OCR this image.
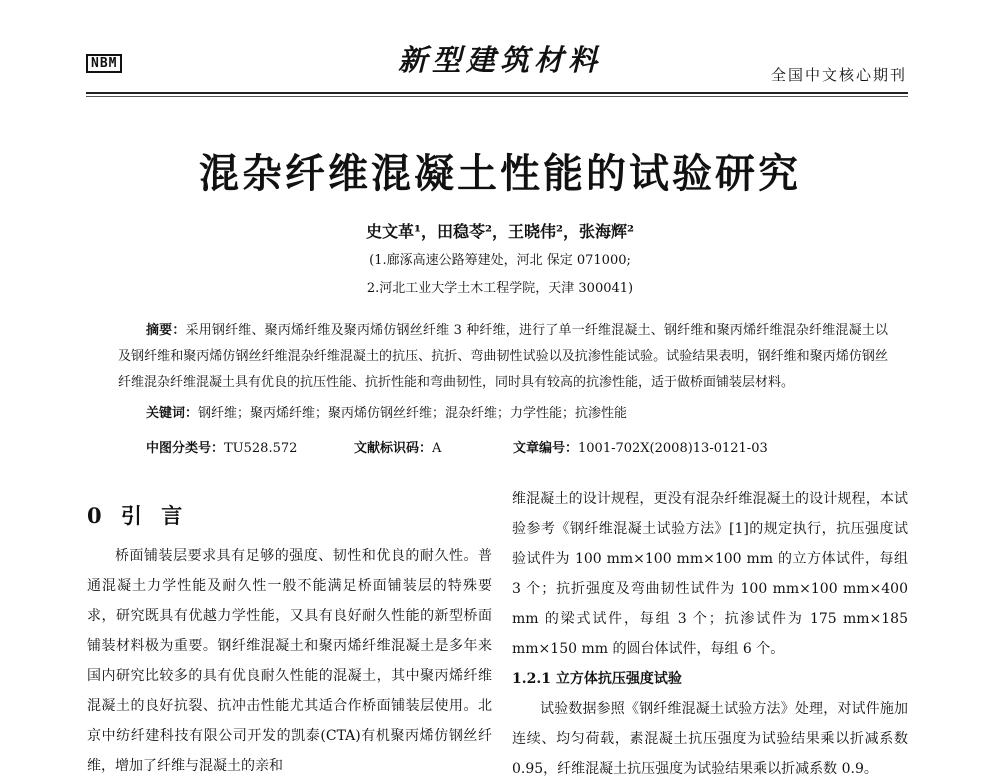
NBM	新型建筑材料	全国中文核心期刊
混杂纤维混凝土性能的试验研究
史文革¹，田稳苓²，王晓伟²，张海辉²
(1.廊涿高速公路筹建处，河北 保定 071000;
2.河北工业大学土木工程学院，天津 300041)
摘要：采用钢纤维、聚丙烯纤维及聚丙烯仿钢丝纤维 3 种纤维，进行了单一纤维混凝土、钢纤维和聚丙烯纤维混杂纤维混凝土以及钢纤维和聚丙烯仿钢丝纤维混杂纤维混凝土的抗压、抗折、弯曲韧性试验以及抗渗性能试验。试验结果表明，钢纤维和聚丙烯仿钢丝纤维混杂纤维混凝土具有优良的抗压性能、抗折性能和弯曲韧性，同时具有较高的抗渗性能，适于做桥面铺装层材料。
关键词：钢纤维；聚丙烯纤维；聚丙烯仿钢丝纤维；混杂纤维；力学性能；抗渗性能
中图分类号：TU528.572	文献标识码：A	文章编号：1001-702X(2008)13-0121-03
0 引 言
桥面铺装层要求具有足够的强度、韧性和优良的耐久性。普通混凝土力学性能及耐久性一般不能满足桥面铺装层的特殊要求，研究既具有优越力学性能，又具有良好耐久性能的新型桥面铺装材料极为重要。钢纤维混凝土和聚丙烯纤维混凝土是多年来国内研究比较多的具有优良耐久性能的混凝土，其中聚丙烯纤维混凝土的良好抗裂、抗冲击性能尤其适合作桥面铺装层使用。北京中纺纤建科技有限公司开发的凯泰(CTA)有机聚丙烯仿钢丝纤维，增加了纤维与混凝土的亲和

维混凝土的设计规程，更没有混杂纤维混凝土的设计规程，本试验参考《钢纤维混凝土试验方法》[1]的规定执行，抗压强度试验试件为 100 mm×100 mm×100 mm 的立方体试件，每组 3 个；抗折强度及弯曲韧性试件为 100 mm×100 mm×400 mm 的梁式试件，每组 3 个；抗渗试件为 175 mm×185 mm×150 mm 的圆台体试件，每组 6 个。

1.2.1 立方体抗压强度试验

试验数据参照《钢纤维混凝土试验方法》处理，对试件施加连续、均匀荷载，素混凝土抗压强度为试验结果乘以折减系数 0.95，纤维混凝土抗压强度为试验结果乘以折减系数 0.9。
